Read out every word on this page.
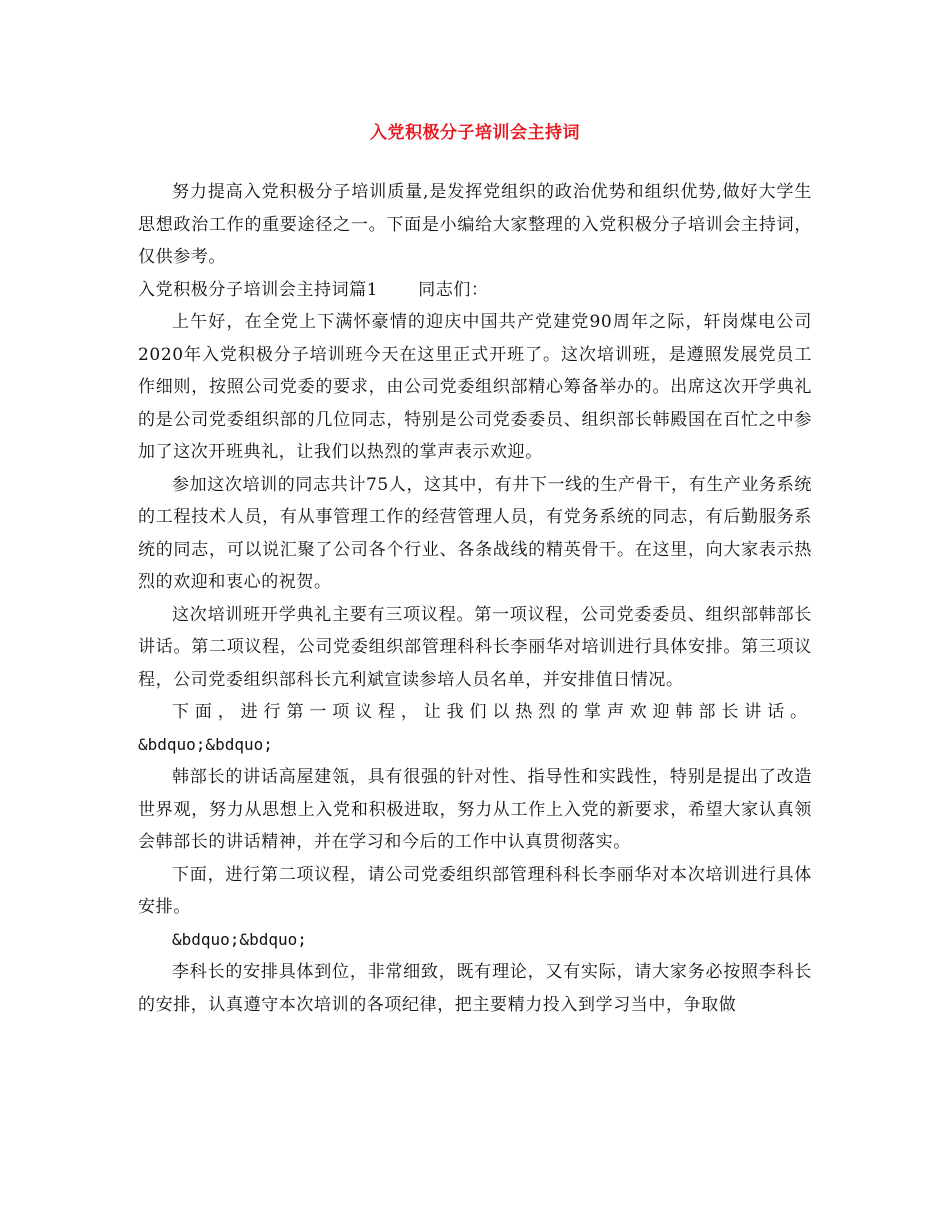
入党积极分子培训会主持词

努力提高入党积极分子培训质量,是发挥党组织的政治优势和组织优势,做好大学生思想政治工作的重要途径之一。下面是小编给大家整理的入党积极分子培训会主持词，仅供参考。

入党积极分子培训会主持词篇1 同志们：

上午好，在全党上下满怀豪情的迎庆中国共产党建党90周年之际，轩岗煤电公司2020年入党积极分子培训班今天在这里正式开班了。这次培训班，是遵照发展党员工作细则，按照公司党委的要求，由公司党委组织部精心筹备举办的。出席这次开学典礼的是公司党委组织部的几位同志，特别是公司党委委员、组织部长韩殿国在百忙之中参加了这次开班典礼，让我们以热烈的掌声表示欢迎。

参加这次培训的同志共计75人，这其中，有井下一线的生产骨干，有生产业务系统的工程技术人员，有从事管理工作的经营管理人员，有党务系统的同志，有后勤服务系统的同志，可以说汇聚了公司各个行业、各条战线的精英骨干。在这里，向大家表示热烈的欢迎和衷心的祝贺。

这次培训班开学典礼主要有三项议程。第一项议程，公司党委委员、组织部韩部长讲话。第二项议程，公司党委组织部管理科科长李丽华对培训进行具体安排。第三项议程，公司党委组织部科长亢利斌宣读参培人员名单，并安排值日情况。

下面，进行第一项议程，让我们以热烈的掌声欢迎韩部长讲话。

&bdquo;&bdquo;

韩部长的讲话高屋建瓴，具有很强的针对性、指导性和实践性，特别是提出了改造世界观，努力从思想上入党和积极进取，努力从工作上入党的新要求，希望大家认真领会韩部长的讲话精神，并在学习和今后的工作中认真贯彻落实。

下面，进行第二项议程，请公司党委组织部管理科科长李丽华对本次培训进行具体安排。

&bdquo;&bdquo;

李科长的安排具体到位，非常细致，既有理论，又有实际，请大家务必按照李科长的安排，认真遵守本次培训的各项纪律，把主要精力投入到学习当中，争取做
